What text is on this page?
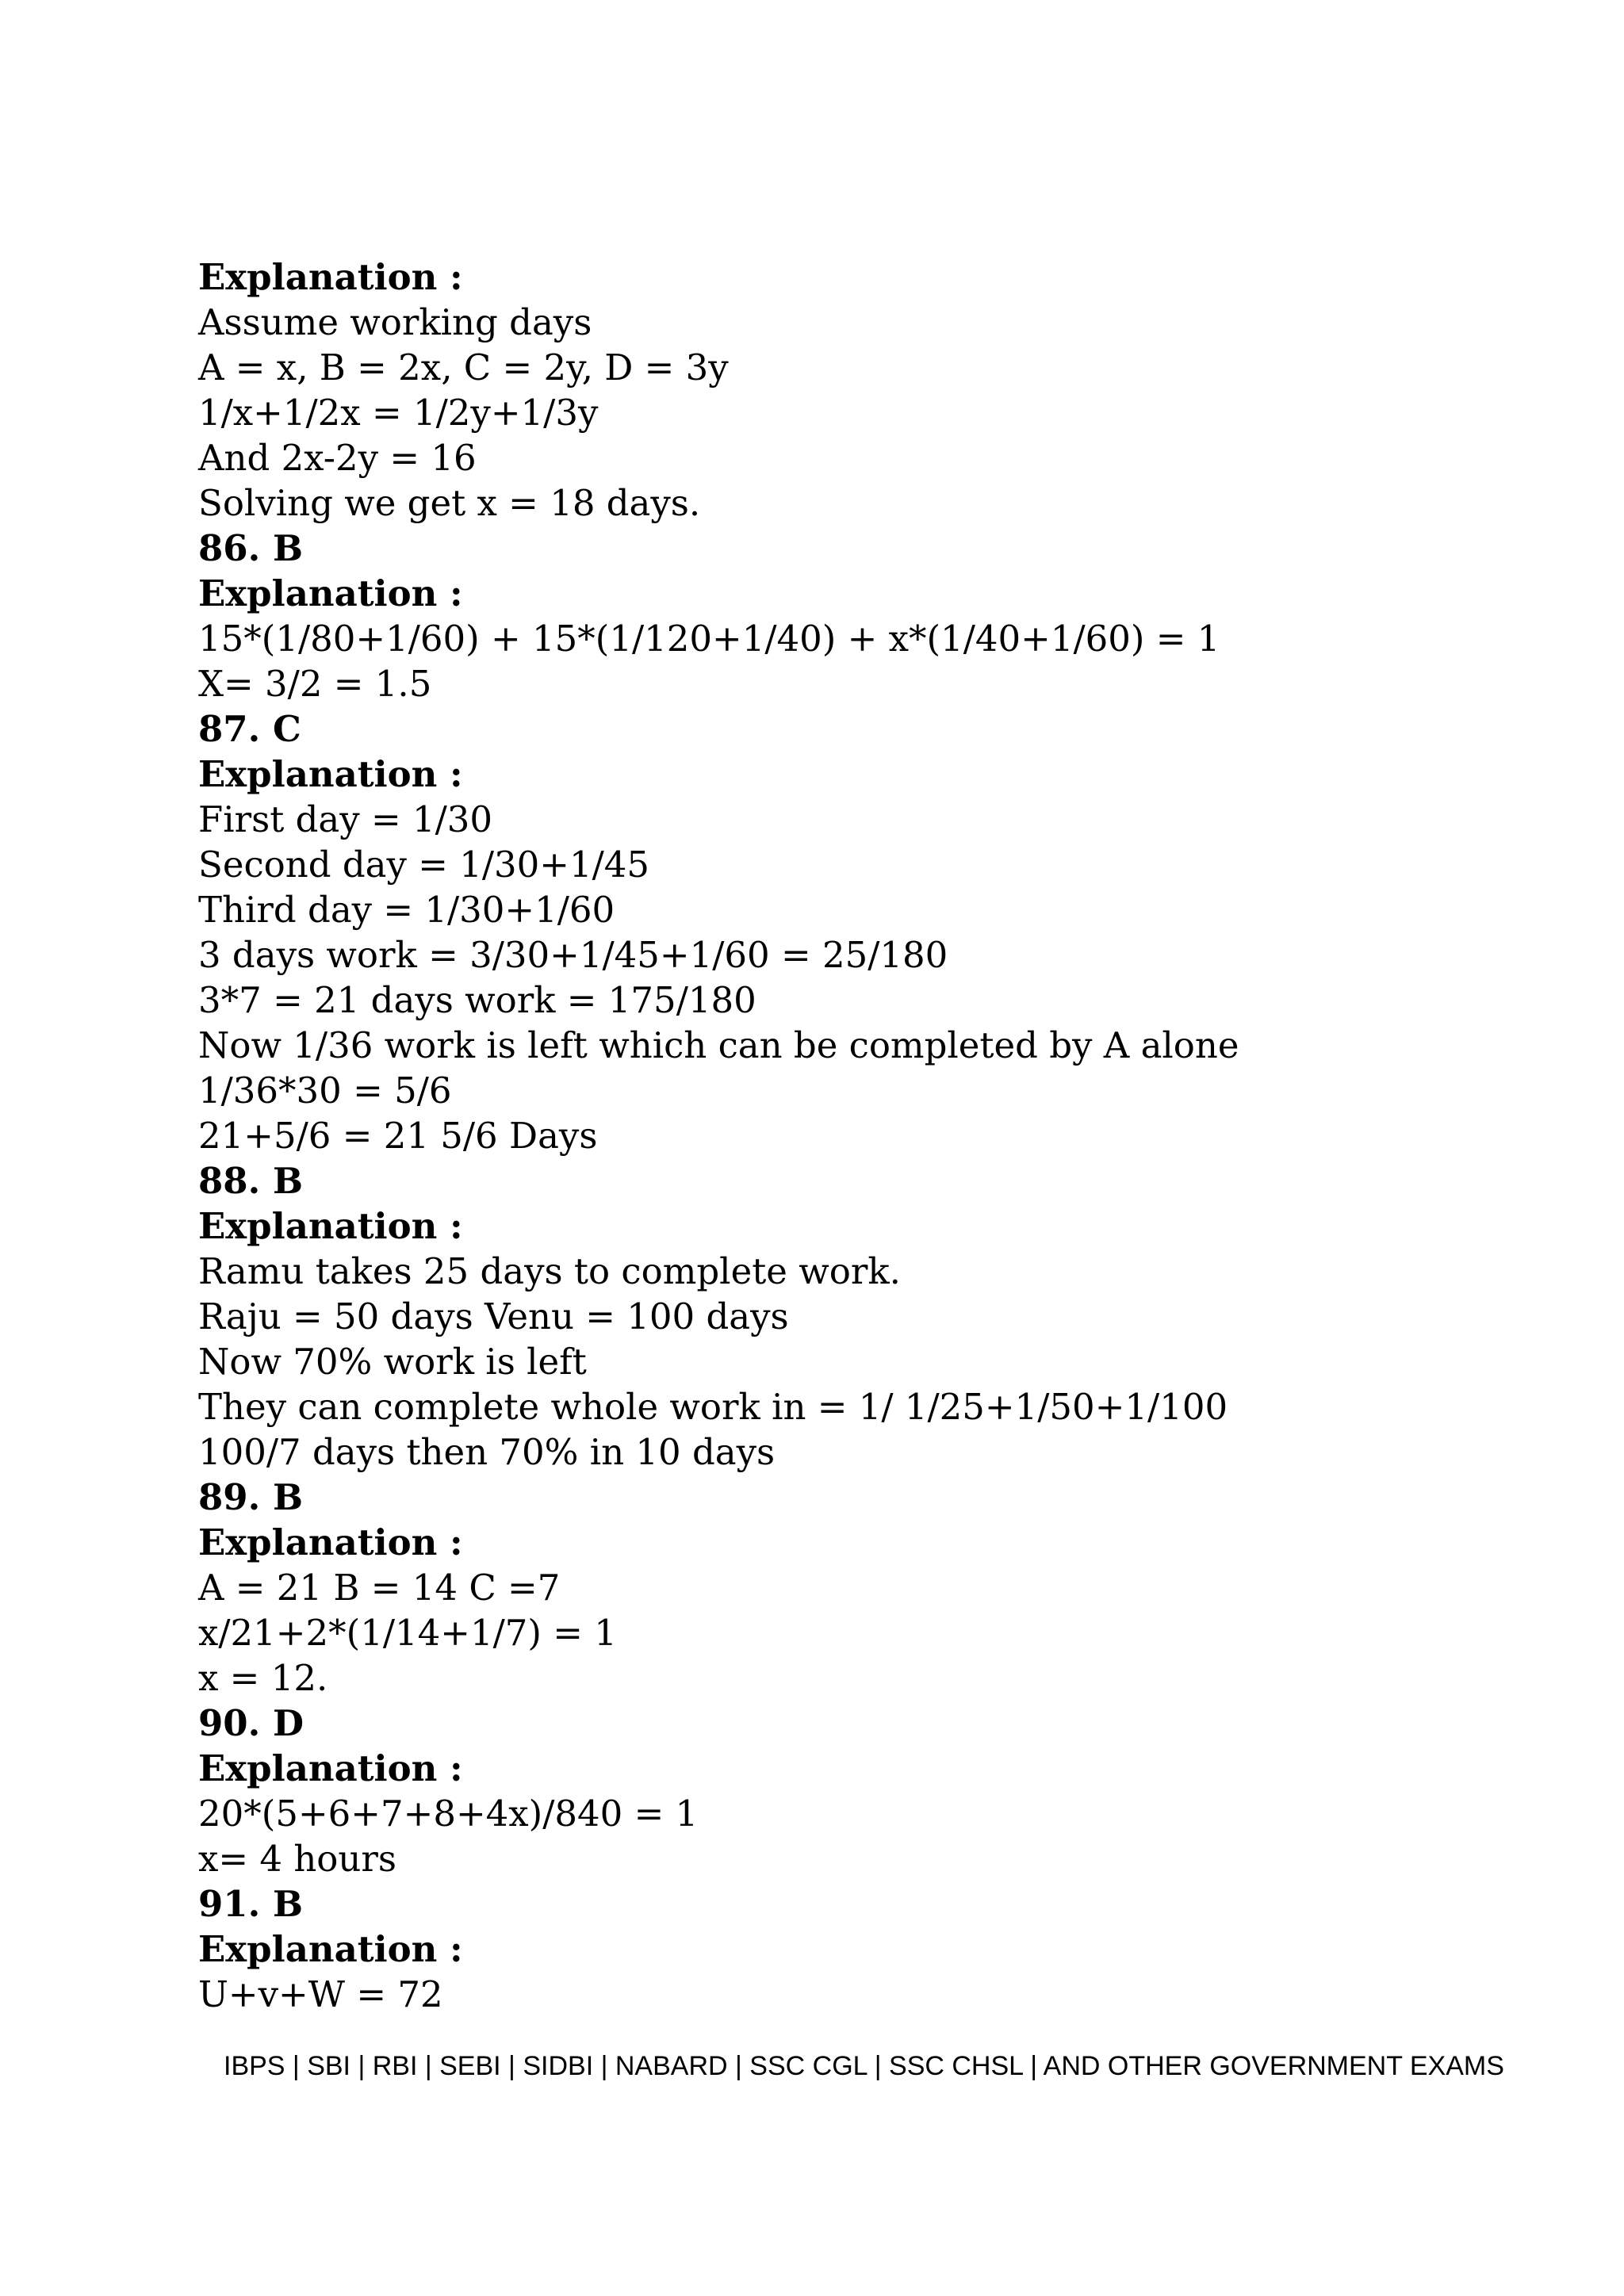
Explanation :
Assume working days
A = x, B = 2x, C = 2y, D = 3y
1/x+1/2x = 1/2y+1/3y
And 2x-2y = 16
Solving we get x = 18 days.
86. B
Explanation :
15*(1/80+1/60) + 15*(1/120+1/40) + x*(1/40+1/60) = 1
X= 3/2 = 1.5
87. C
Explanation :
First day = 1/30
Second day = 1/30+1/45
Third day = 1/30+1/60
3 days work = 3/30+1/45+1/60 = 25/180
3*7 = 21 days work = 175/180
Now 1/36 work is left which can be completed by A alone
1/36*30 = 5/6
21+5/6 = 21 5/6 Days
88. B
Explanation :
Ramu takes 25 days to complete work.
Raju = 50 days Venu = 100 days
Now 70% work is left
They can complete whole work in = 1/ 1/25+1/50+1/100
100/7 days then 70% in 10 days
89. B
Explanation :
A = 21 B = 14 C =7
x/21+2*(1/14+1/7) = 1
x = 12.
90. D
Explanation :
20*(5+6+7+8+4x)/840 = 1
x= 4 hours
91. B
Explanation :
U+v+W = 72
IBPS | SBI | RBI | SEBI | SIDBI | NABARD | SSC CGL | SSC CHSL | AND OTHER GOVERNMENT EXAMS
